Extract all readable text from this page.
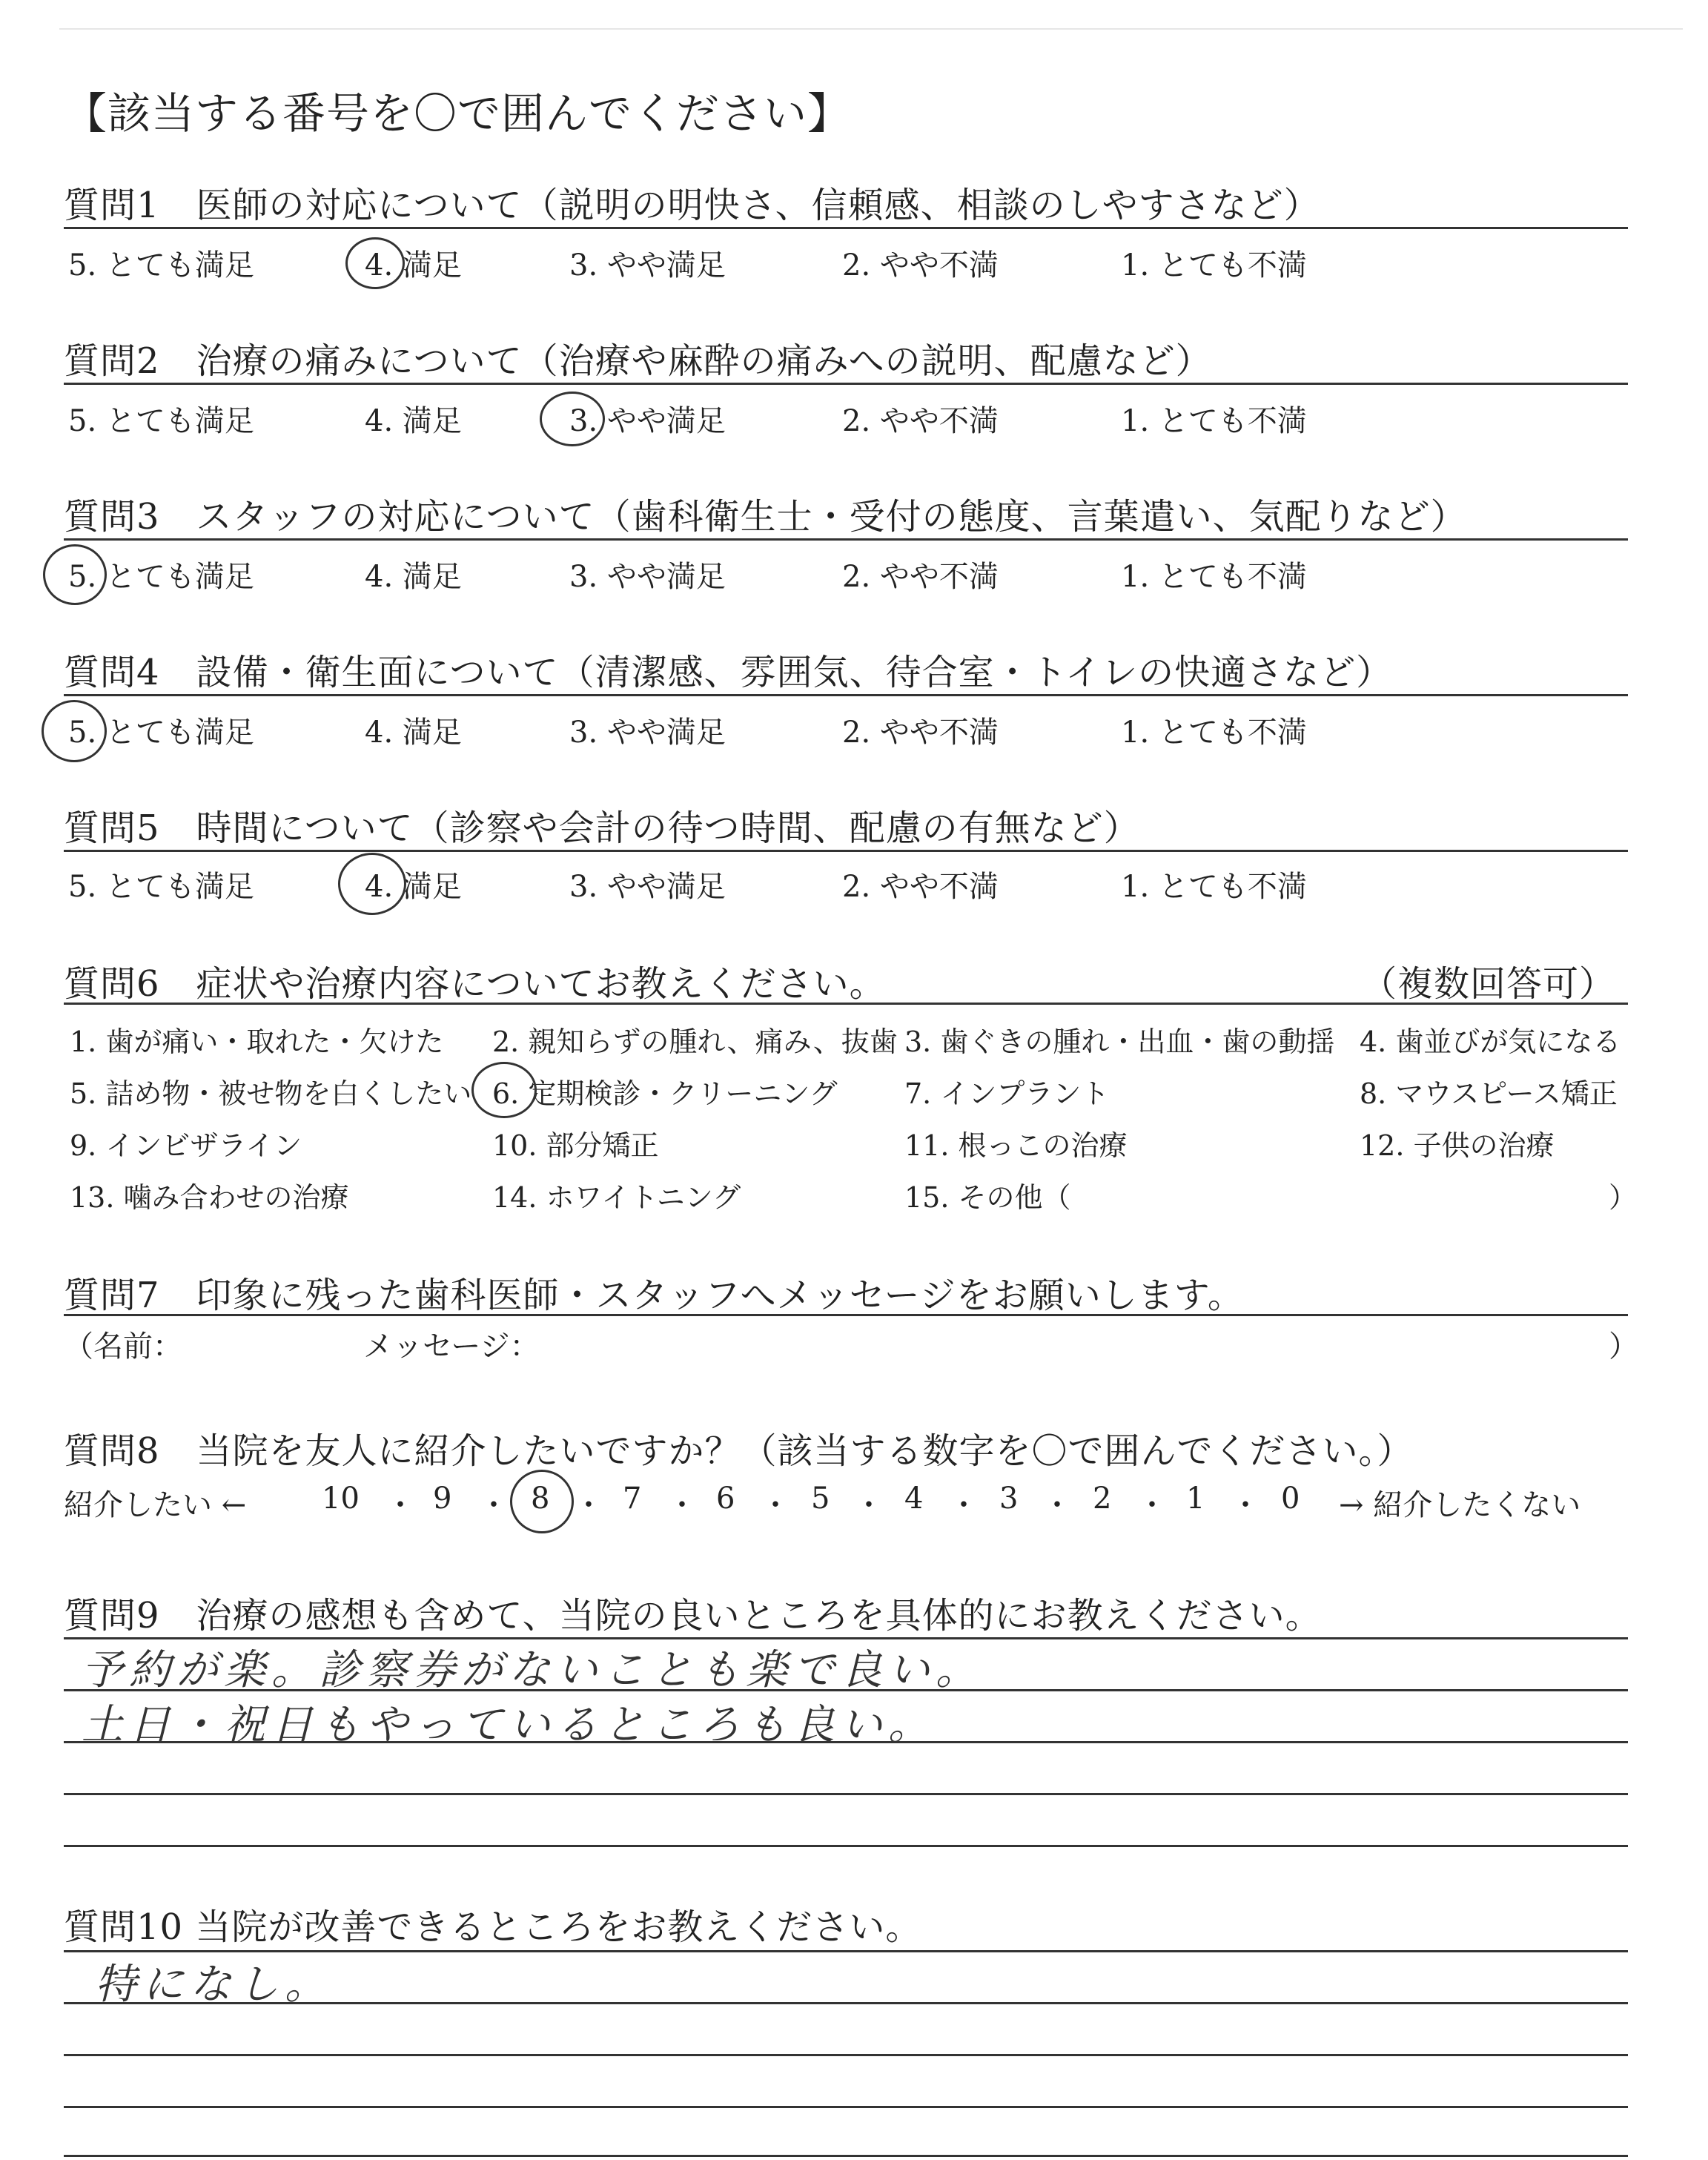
【該当する番号を〇で囲んでください】
質問1　医師の対応について（説明の明快さ、信頼感、相談のしやすさなど）
5. とても満足	4. 満足	3. やや満足	2. やや不満	1. とても不満
質問2　治療の痛みについて（治療や麻酔の痛みへの説明、配慮など）
5. とても満足	4. 満足	3. やや満足	2. やや不満	1. とても不満
質問3　スタッフの対応について（歯科衛生士・受付の態度、言葉遣い、気配りなど）
5. とても満足	4. 満足	3. やや満足	2. やや不満	1. とても不満
質問4　設備・衛生面について（清潔感、雰囲気、待合室・トイレの快適さなど）
5. とても満足	4. 満足	3. やや満足	2. やや不満	1. とても不満
質問5　時間について（診察や会計の待つ時間、配慮の有無など）
5. とても満足	4. 満足	3. やや満足	2. やや不満	1. とても不満
質問6　症状や治療内容についてお教えください。	（複数回答可）
1. 歯が痛い・取れた・欠けた 2. 親知らずの腫れ、痛み、抜歯 3. 歯ぐきの腫れ・出血・歯の動揺 4. 歯並びが気になる
5. 詰め物・被せ物を白くしたい 6. 定期検診・クリーニング 7. インプラント	8. マウスピース矯正
9. インビザライン	10. 部分矯正	11. 根っこの治療	12. 子供の治療
13. 噛み合わせの治療	14. ホワイトニング	15. その他（	）
質問7　印象に残った歯科医師・スタッフへメッセージをお願いします。
（名前：	メッセージ：	）
質問8　当院を友人に紹介したいですか？（該当する数字を〇で囲んでください。）
紹介したい ←	10 ・ 9 ・ 8 ・ 7 ・ 6 ・ 5 ・ 4 ・ 3 ・ 2 ・ 1 ・ 0 → 紹介したくない
質問9　治療の感想も含めて、当院の良いところを具体的にお教えください。
予約が楽。診察券がないことも楽で良い。
土日・祝日もやっているところも良い。
質問10 当院が改善できるところをお教えください。
特になし。
